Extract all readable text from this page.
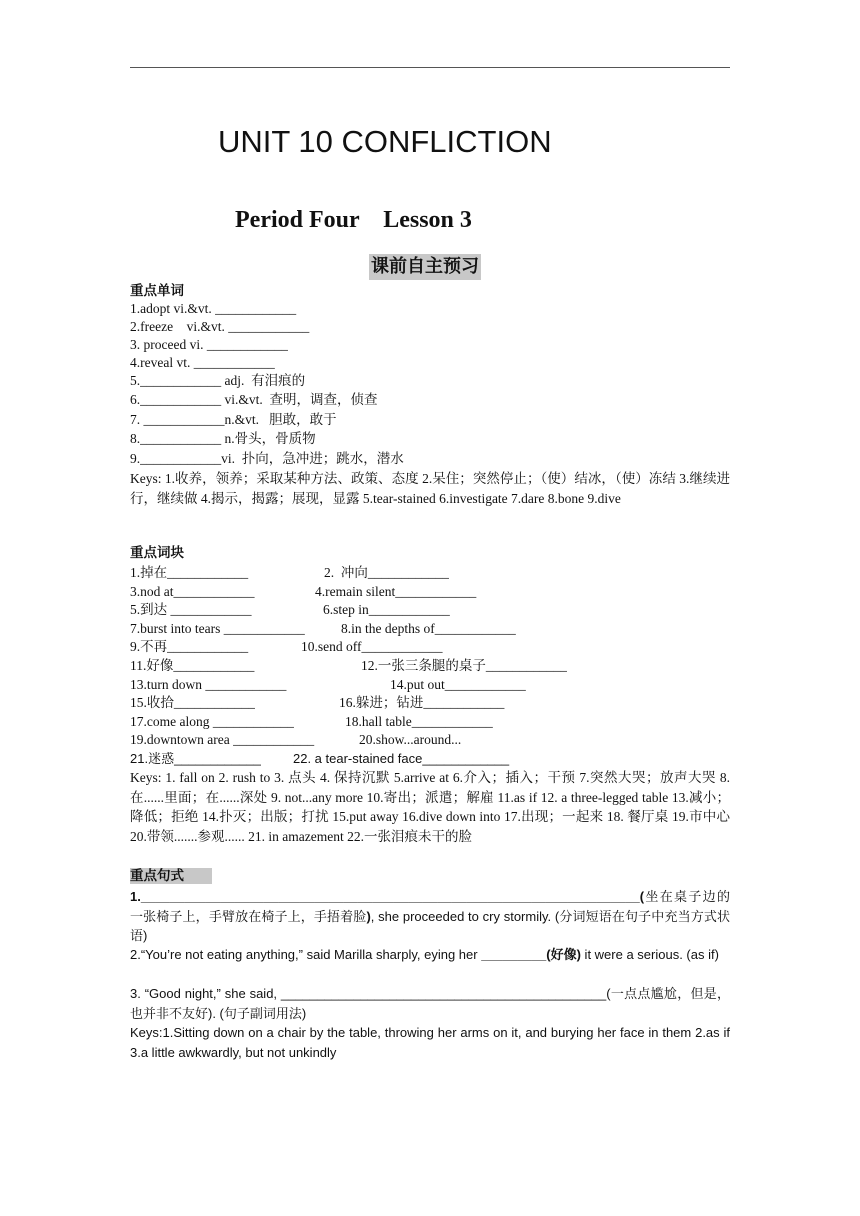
UNIT 10 CONFLICTION
Period Four    Lesson 3
课前自主预习
重点单词
1.adopt vi.&vt. ____________
2.freeze    vi.&vt. ____________
3. proceed vi. ____________
4.reveal vt. ____________
5.____________ adj.  有泪痕的
6.____________ vi.&vt.  查明，调查，侦查
7. ____________n.&vt.   胆敢，敢于
8.____________ n.骨头，骨质物
9.____________vi.  扑向，急冲进；跳水，潜水
Keys: 1.收养，领养；采取某种方法、政策、态度 2.呆住；突然停止；（使）结冰，（使）冻结 3.继续进行，继续做 4.揭示，揭露；展现，显露 5.tear-stained 6.investigate 7.dare 8.bone 9.dive
重点词块
1.掉在____________	2.  冲向____________
3.nod at____________	4.remain silent____________
5.到达 ____________	6.step in____________
7.burst into tears ____________	8.in the depths of____________
9.不再____________	10.send off____________
11.好像____________	12.一张三条腿的桌子____________
13.turn down ____________	14.put out____________
15.收拾____________	16.躲进；钻进____________
17.come along ____________	18.hall table____________
19.downtown area ____________	20.show...around...
21.迷惑____________ 22. a tear-stained face____________
Keys: 1. fall on 2. rush to 3. 点头 4. 保持沉默 5.arrive at 6.介入；插入；干预 7.突然大哭；放声大哭 8. 在......里面；在......深处 9. not...any more 10.寄出；派遣；解雇 11.as if 12. a three-legged table 13.减小；降低；拒绝 14.扑灭；出版；打扰 15.put away 16.dive down into 17.出现；一起来 18. 餐厅桌 19.市中心 20.带领.......参观...... 21. in amazement 22.一张泪痕未干的脸
重点句式
1._____________________________________________________________________(坐在桌子边的一张椅子上，手臂放在椅子上，手捂着脸), she proceeded to cry stormily. (分词短语在句子中充当方式状语)
2.“You’re not eating anything,” said Marilla sharply, eying her _________(好像) it were a serious. (as if)
3. “Good night,” she said, _____________________________________________(一点点尴尬，但是，也并非不友好). (句子副词用法)
Keys:1.Sitting down on a chair by the table, throwing her arms on it, and burying her face in them 2.as if 3.a little awkwardly, but not unkindly
